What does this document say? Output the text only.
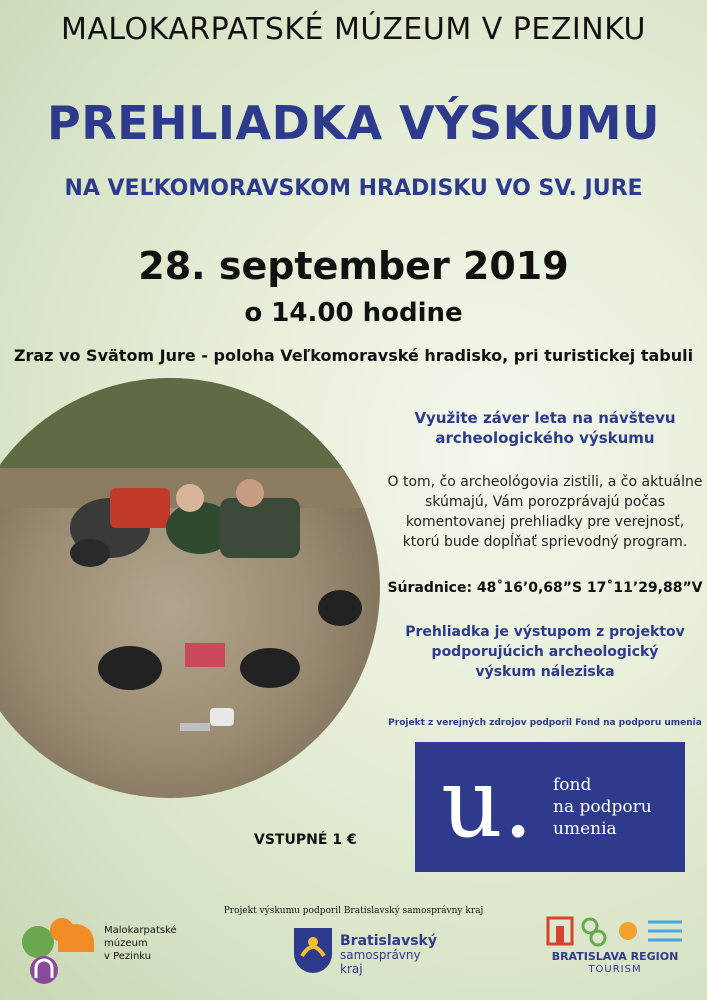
MALOKARPATSKÉ MÚZEUM V PEZINKU
PREHLIADKA VÝSKUMU
NA VEĽKOMORAVSKOM HRADISKU VO SV. JURE
28. september 2019
o 14.00 hodine
Zraz vo Svätom Jure - poloha Veľkomoravské hradisko, pri turistickej tabuli
Využite záver leta na návštevu
archeologického výskumu
O tom, čo archeológovia zistili, a čo aktuálne
skúmajú, Vám porozprávajú počas
komentovanej prehliadky pre verejnosť,
ktorú bude dopĺňať sprievodný program.
Súradnice: 48˚16’0,68”S 17˚11’29,88”V
Prehliadka je výstupom z projektov
podporujúcich archeologický
výskum náleziska
Projekt z verejných zdrojov podporil Fond na podporu umenia
u. fond
na podporu
umenia
VSTUPNÉ 1 €
Projekt výskumu podporil Bratislavský samosprávny kraj
Malokarpatské
múzeum
v Pezinku
Bratislavský
samosprávny
kraj
BRATISLAVA REGION
TOURISM
